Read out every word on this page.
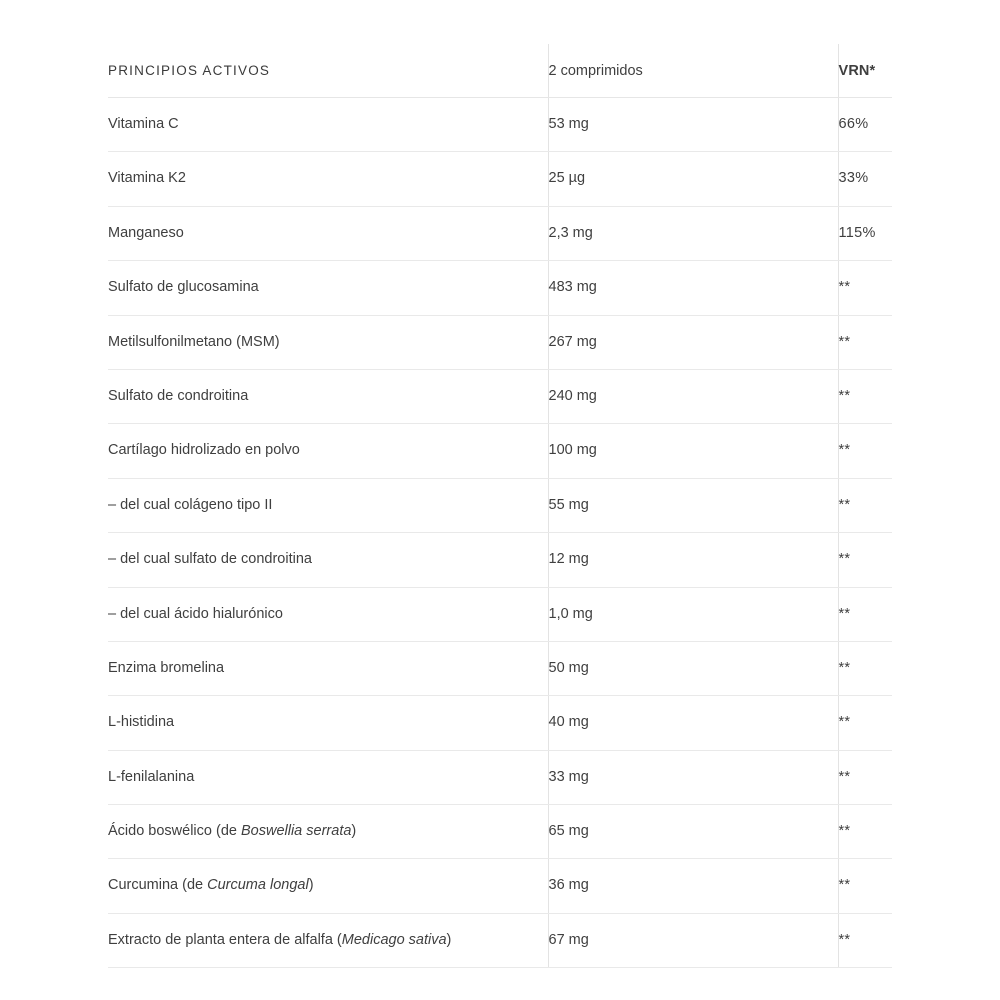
PRINCIPIOS ACTIVOS	2 comprimidos	VRN*
Vitamina C	53 mg	66%
Vitamina K2	25 µg	33%
Manganeso	2,3 mg	115%
Sulfato de glucosamina	483 mg	**
Metilsulfonilmetano (MSM)	267 mg	**
Sulfato de condroitina	240 mg	**
Cartílago hidrolizado en polvo	100 mg	**
– del cual colágeno tipo II	55 mg	**
– del cual sulfato de condroitina	12 mg	**
– del cual ácido hialurónico	1,0 mg	**
Enzima bromelina	50 mg	**
L-histidina	40 mg	**
L-fenilalanina	33 mg	**
Ácido boswélico (de Boswellia serrata)	65 mg	**
Curcumina (de Curcuma longal)	36 mg	**
Extracto de planta entera de alfalfa (Medicago sativa)	67 mg	**
